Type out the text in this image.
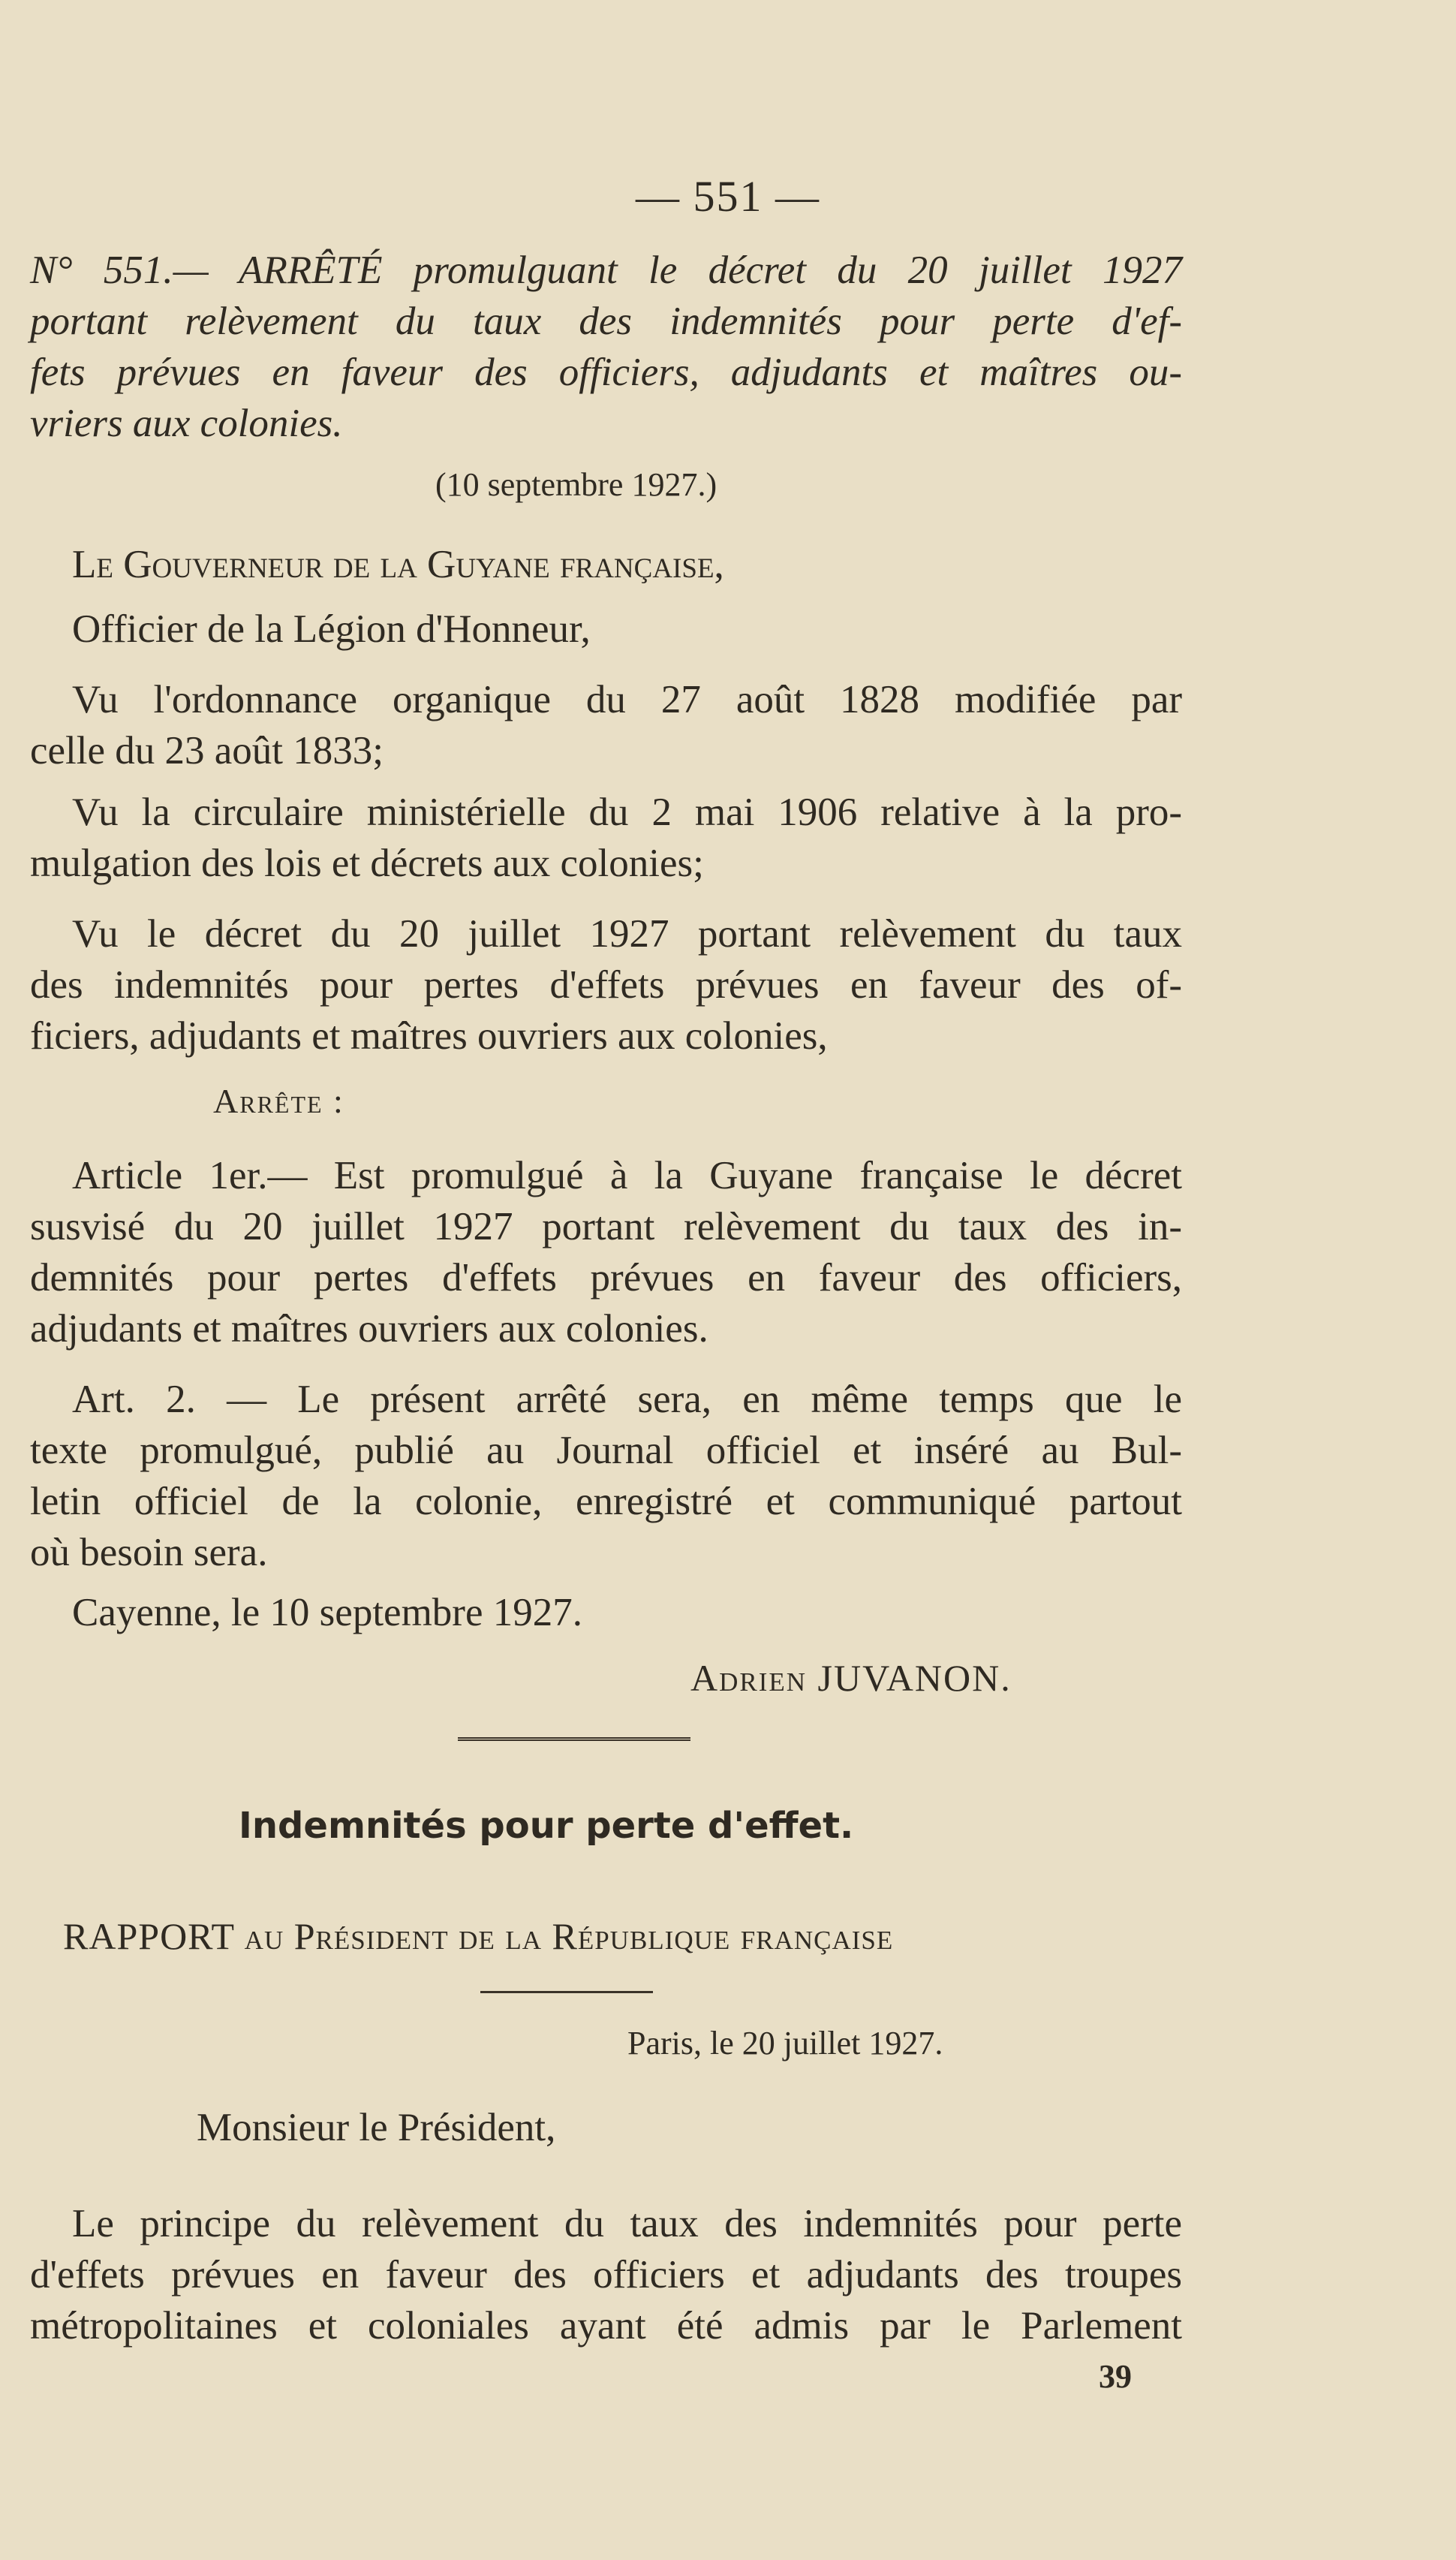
— 551 —
N° 551.— ARRÊTÉ promulguant le décret du 20 juillet 1927
portant relèvement du taux des indemnités pour perte d'ef-
fets prévues en faveur des officiers, adjudants et maîtres ou-
vriers aux colonies.
(10 septembre 1927.)
Le Gouverneur de la Guyane française,
Officier de la Légion d'Honneur,
Vu l'ordonnance organique du 27 août 1828 modifiée par
celle du 23 août 1833;
Vu la circulaire ministérielle du 2 mai 1906 relative à la pro-
mulgation des lois et décrets aux colonies;
Vu le décret du 20 juillet 1927 portant relèvement du taux
des indemnités pour pertes d'effets prévues en faveur des of-
ficiers, adjudants et maîtres ouvriers aux colonies,
Arrête :
Article 1er.— Est promulgué à la Guyane française le décret
susvisé du 20 juillet 1927 portant relèvement du taux des in-
demnités pour pertes d'effets prévues en faveur des officiers,
adjudants et maîtres ouvriers aux colonies.
Art. 2. — Le présent arrêté sera, en même temps que le
texte promulgué, publié au Journal officiel et inséré au Bul-
letin officiel de la colonie, enregistré et communiqué partout
où besoin sera.
Cayenne, le 10 septembre 1927.
Adrien JUVANON.
Indemnités pour perte d'effet.
RAPPORT au Président de la République française
Paris, le 20 juillet 1927.
Monsieur le Président,
Le principe du relèvement du taux des indemnités pour perte
d'effets prévues en faveur des officiers et adjudants des troupes
métropolitaines et coloniales ayant été admis par le Parlement
39
